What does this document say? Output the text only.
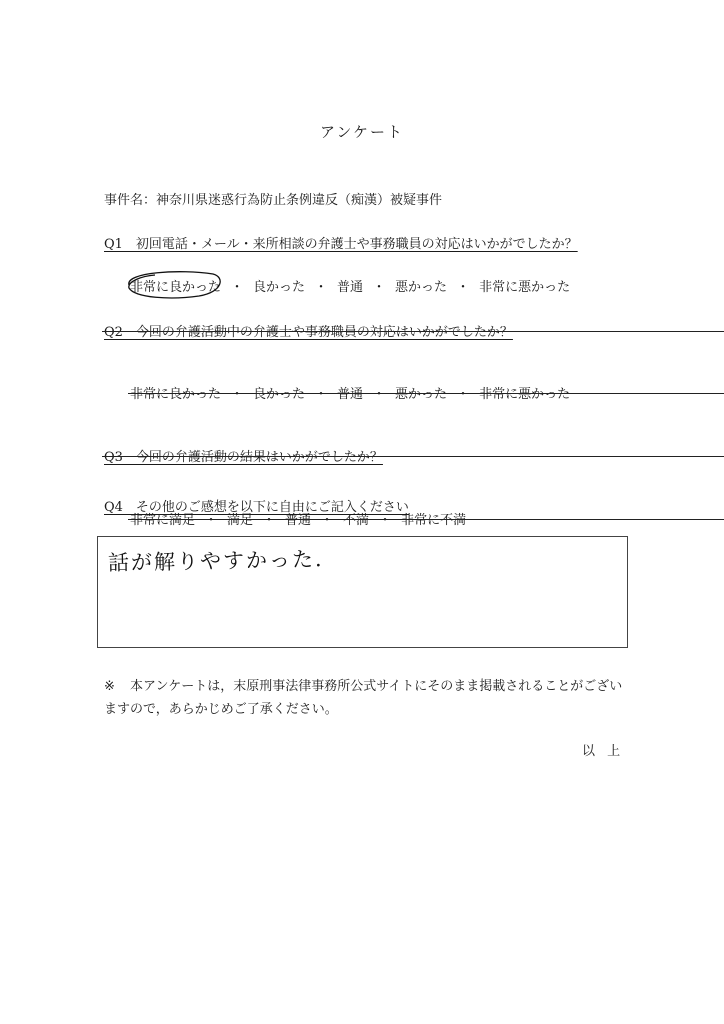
アンケート
事件名：神奈川県迷惑行為防止条例違反（痴漢）被疑事件
Q1　初回電話・メール・来所相談の弁護士や事務職員の対応はいかがでしたか？
非常に良かった ・ 良かった ・ 普通 ・ 悪かった ・ 非常に悪かった
Q2　今回の弁護活動中の弁護士や事務職員の対応はいかがでしたか？
非常に良かった ・ 良かった ・ 普通 ・ 悪かった ・ 非常に悪かった
Q3　今回の弁護活動の結果はいかがでしたか？
非常に満足 ・ 満足 ・ 普通 ・ 不満 ・ 非常に不満
Q4　その他のご感想を以下に自由にご記入ください
話が解りやすかった．
※ 本アンケートは，末原刑事法律事務所公式サイトにそのまま掲載されることがござい
ますので，あらかじめご了承ください。
以 上
